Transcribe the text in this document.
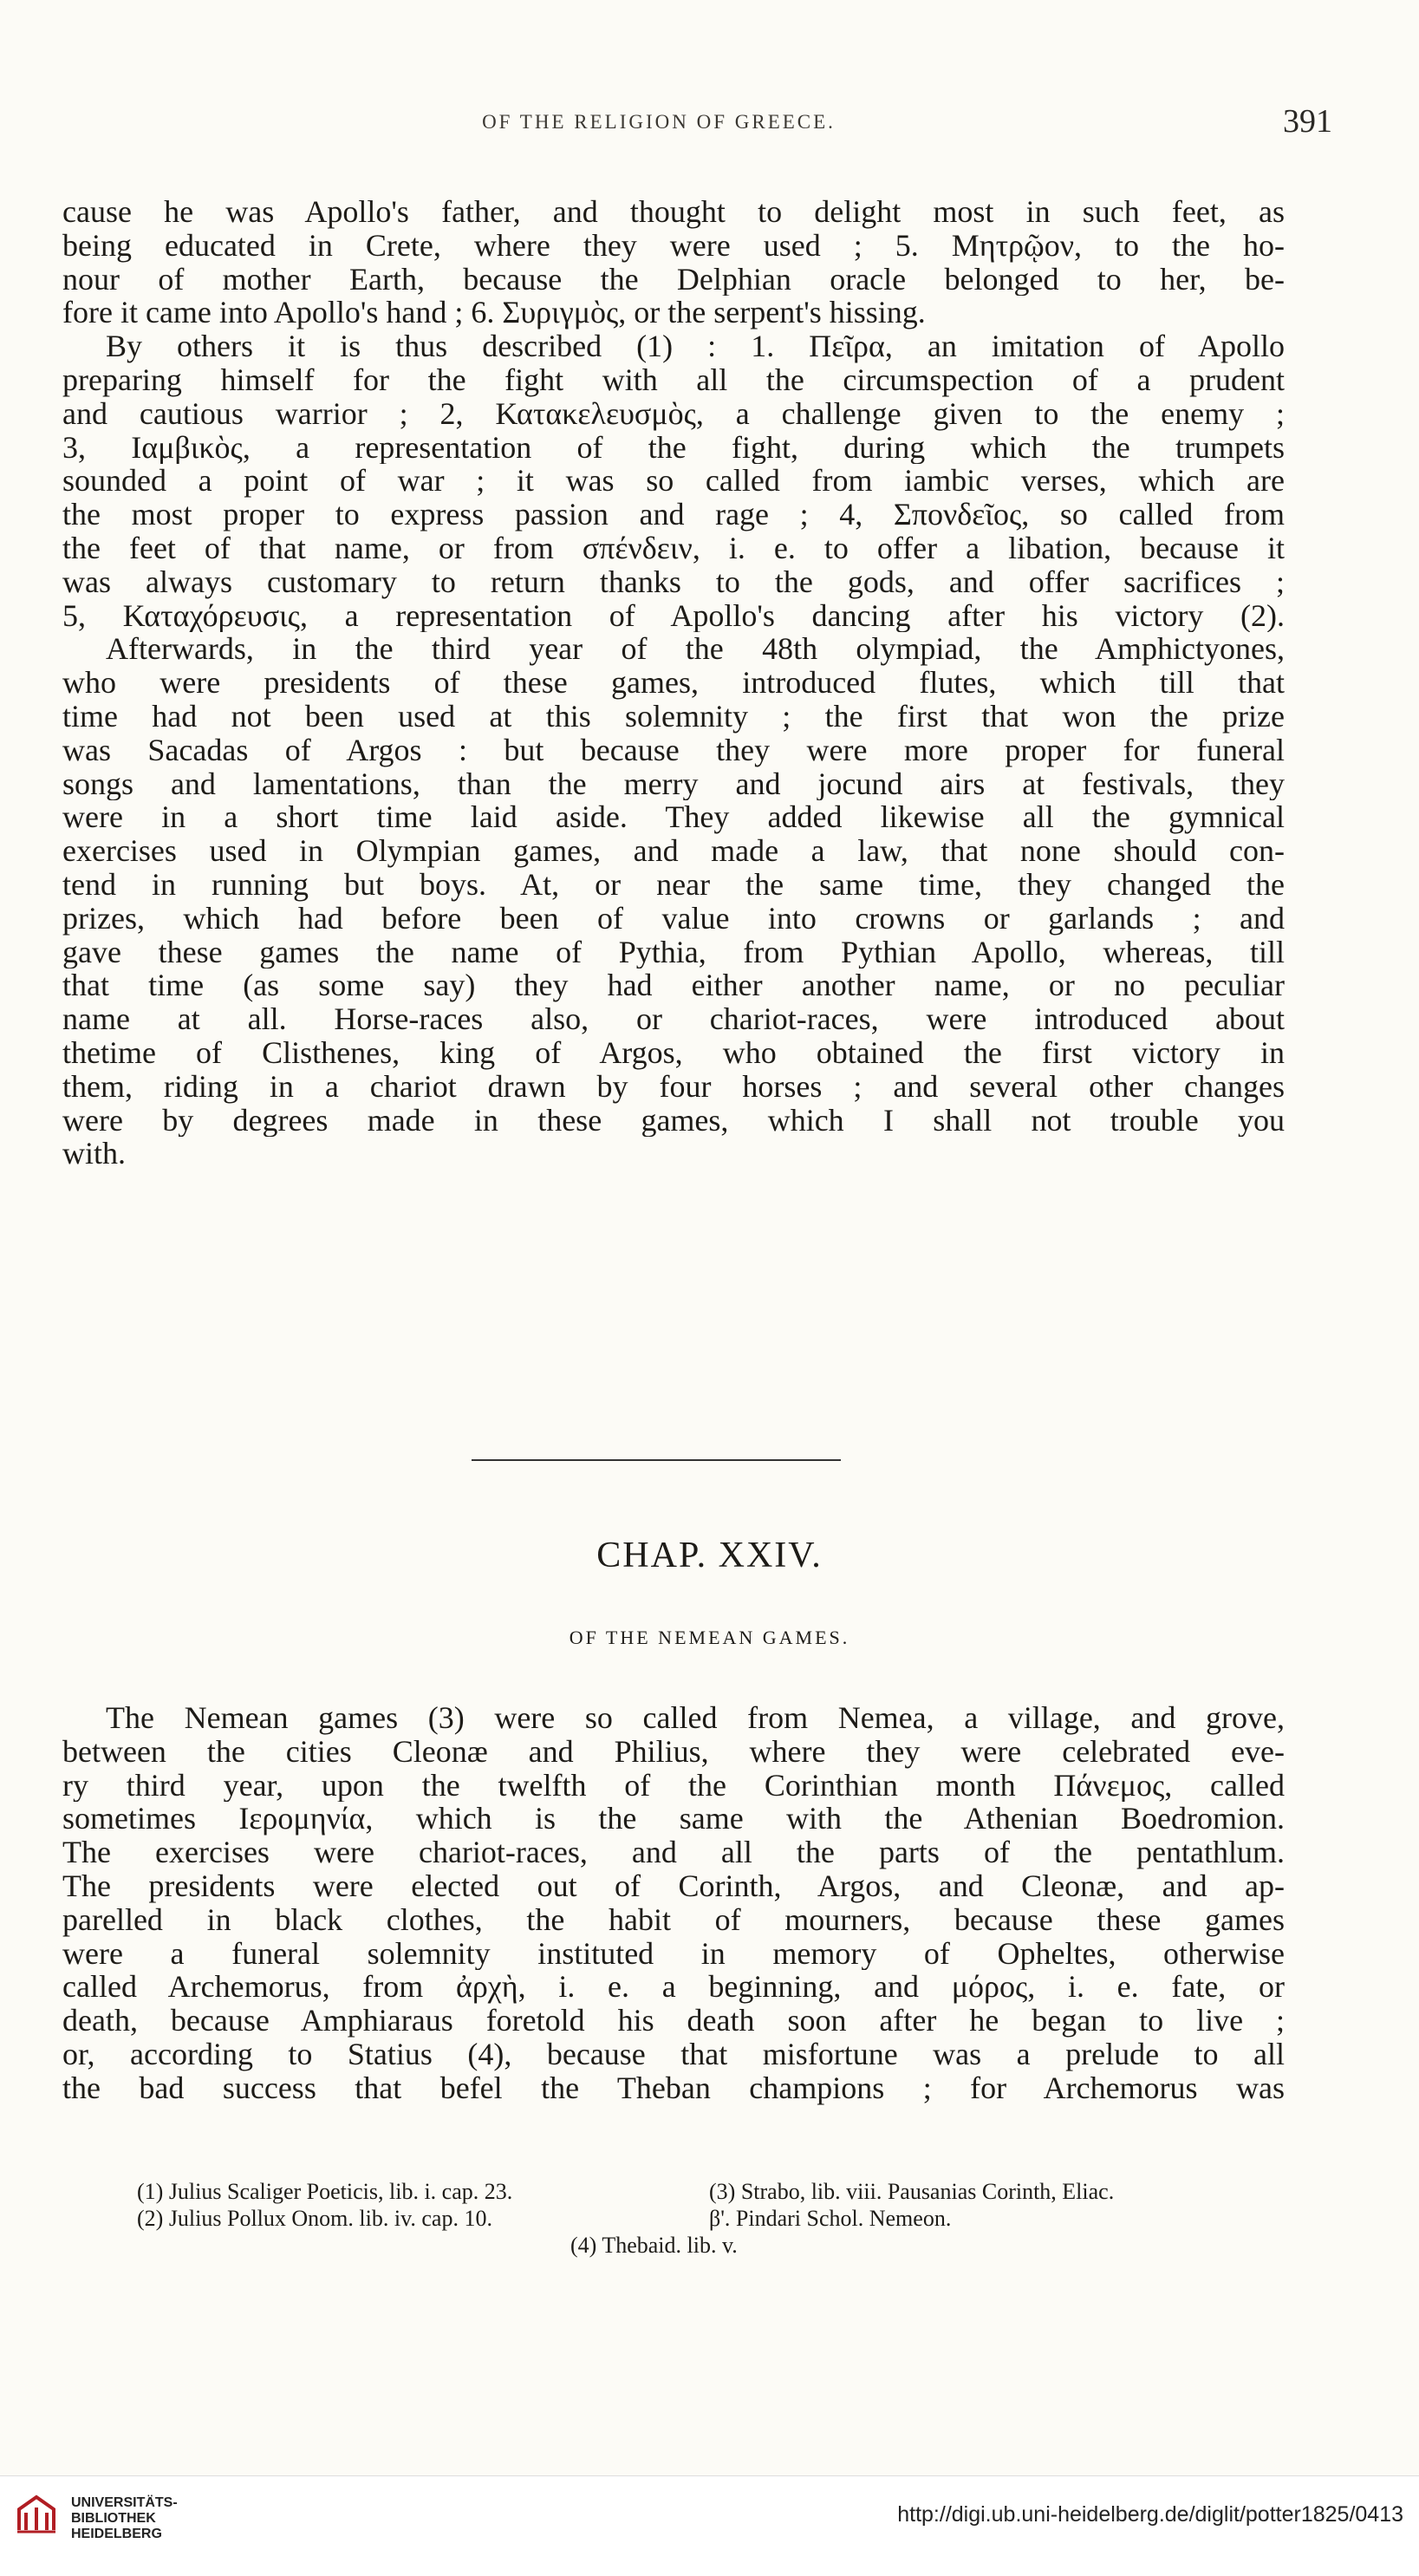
OF THE RELIGION OF GREECE.	391
cause he was Apollo's father, and thought to delight most in such feet, as
being educated in Crete, where they were used ; 5. Μητρῷον, to the ho-
nour of mother Earth, because the Delphian oracle belonged to her, be-
fore it came into Apollo's hand ; 6. Συριγμὸς, or the serpent's hissing.
By others it is thus described (1) : 1. Πεῖρα, an imitation of Apollo
preparing himself for the fight with all the circumspection of a prudent
and cautious warrior ; 2, Κατακελευσμὸς, a challenge given to the enemy ;
3, Ιαμβικὸς, a representation of the fight, during which the trumpets
sounded a point of war ; it was so called from iambic verses, which are
the most proper to express passion and rage ; 4, Σπονδεῖος, so called from
the feet of that name, or from σπένδειν, i. e. to offer a libation, because it
was always customary to return thanks to the gods, and offer sacrifices ;
5, Καταχόρευσις, a representation of Apollo's dancing after his victory (2).
Afterwards, in the third year of the 48th olympiad, the Amphictyones,
who were presidents of these games, introduced flutes, which till that
time had not been used at this solemnity ; the first that won the prize
was Sacadas of Argos : but because they were more proper for funeral
songs and lamentations, than the merry and jocund airs at festivals, they
were in a short time laid aside. They added likewise all the gymnical
exercises used in Olympian games, and made a law, that none should con-
tend in running but boys. At, or near the same time, they changed the
prizes, which had before been of value into crowns or garlands ; and
gave these games the name of Pythia, from Pythian Apollo, whereas, till
that time (as some say) they had either another name, or no peculiar
name at all. Horse-races also, or chariot-races, were introduced about
thetime of Clisthenes, king of Argos, who obtained the first victory in
them, riding in a chariot drawn by four horses ; and several other changes
were by degrees made in these games, which I shall not trouble you
with.
CHAP. XXIV.
OF THE NEMEAN GAMES.
The Nemean games (3) were so called from Nemea, a village, and grove,
between the cities Cleonæ and Philius, where they were celebrated eve-
ry third year, upon the twelfth of the Corinthian month Πάνεμος, called
sometimes Ιερομηνία, which is the same with the Athenian Boedromion.
The exercises were chariot-races, and all the parts of the pentathlum.
The presidents were elected out of Corinth, Argos, and Cleonæ, and ap-
parelled in black clothes, the habit of mourners, because these games
were a funeral solemnity instituted in memory of Opheltes, otherwise
called Archemorus, from ἀρχὴ, i. e. a beginning, and μόρος, i. e. fate, or
death, because Amphiaraus foretold his death soon after he began to live ;
or, according to Statius (4), because that misfortune was a prelude to all
the bad success that befel the Theban champions ; for Archemorus was
(1) Julius Scaliger Poeticis, lib. i. cap. 23.	(3) Strabo, lib. viii. Pausanias Corinth, Eliac.
(2) Julius Pollux Onom. lib. iv. cap. 10.	β'. Pindari Schol. Nemeon.
(4) Thebaid. lib. v.
UNIVERSITÄTS-
BIBLIOTHEK
HEIDELBERG
http://digi.ub.uni-heidelberg.de/diglit/potter1825/0413
